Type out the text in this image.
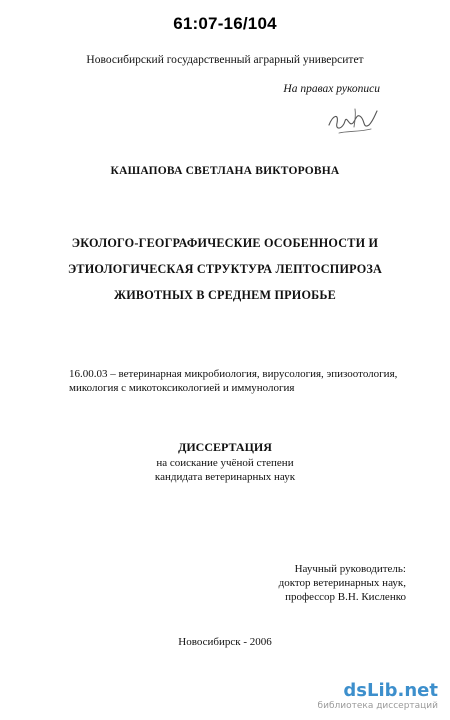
61:07-16/104
Новосибирский государственный аграрный университет
На правах рукописи
КАШАПОВА СВЕТЛАНА ВИКТОРОВНА
ЭКОЛОГО-ГЕОГРАФИЧЕСКИЕ ОСОБЕННОСТИ И
ЭТИОЛОГИЧЕСКАЯ СТРУКТУРА ЛЕПТОСПИРОЗА
ЖИВОТНЫХ В СРЕДНЕМ ПРИОБЬЕ
16.00.03 – ветеринарная микробиология, вирусология, эпизоотология,
микология с микотоксикологией и иммунология
ДИССЕРТАЦИЯ
на соискание учёной степени
кандидата ветеринарных наук
Научный руководитель:
доктор ветеринарных наук,
профессор В.Н. Кисленко
Новосибирск - 2006
dsLib.net
библиотека диссертаций
